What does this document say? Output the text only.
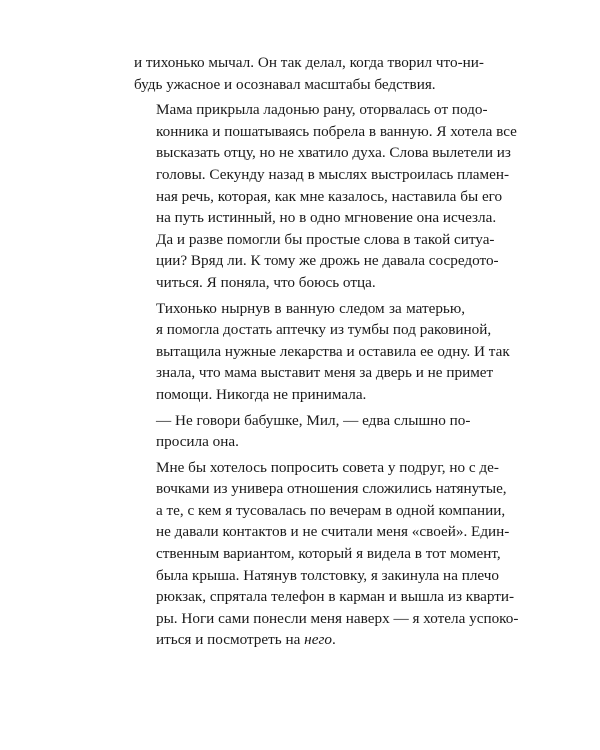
и тихонько мычал. Он так делал, когда творил что-ни-
будь ужасное и осознавал масштабы бедствия.

Мама прикрыла ладонью рану, оторвалась от подо-
конника и пошатываясь побрела в ванную. Я хотела все
высказать отцу, но не хватило духа. Слова вылетели из
головы. Секунду назад в мыслях выстроилась пламен-
ная речь, которая, как мне казалось, наставила бы его
на путь истинный, но в одно мгновение она исчезла.
Да и разве помогли бы простые слова в такой ситуа-
ции? Вряд ли. К тому же дрожь не давала сосредото-
читься. Я поняла, что боюсь отца.

Тихонько нырнув в ванную следом за матерью,
я помогла достать аптечку из тумбы под раковиной,
вытащила нужные лекарства и оставила ее одну. И так
знала, что мама выставит меня за дверь и не примет
помощи. Никогда не принимала.

— Не говори бабушке, Мил, — едва слышно по-
просила она.

Мне бы хотелось попросить совета у подруг, но с де-
вочками из универа отношения сложились натянутые,
а те, с кем я тусовалась по вечерам в одной компании,
не давали контактов и не считали меня «своей». Един-
ственным вариантом, который я видела в тот момент,
была крыша. Натянув толстовку, я закинула на плечо
рюкзак, спрятала телефон в карман и вышла из кварти-
ры. Ноги сами понесли меня наверх — я хотела успоко-
иться и посмотреть на него.
